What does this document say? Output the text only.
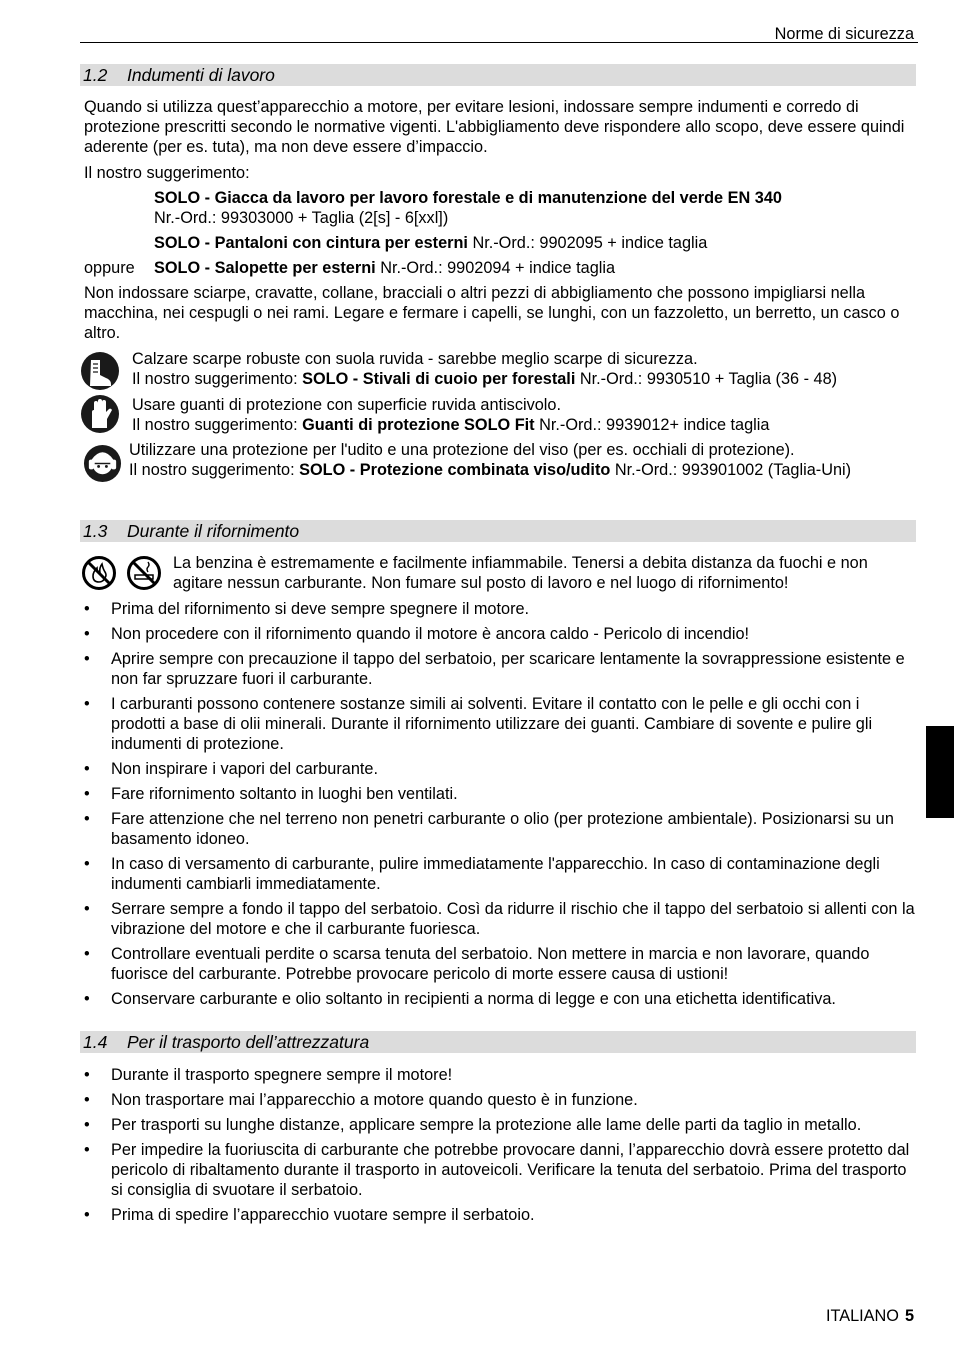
Norme di sicurezza
1.2 Indumenti di lavoro
Quando si utilizza quest’apparecchio a motore, per evitare lesioni, indossare sempre indumenti e corredo di protezione prescritti secondo le normative vigenti. L'abbigliamento deve rispondere allo scopo, deve essere quindi aderente (per es. tuta), ma non deve essere d’impaccio.
Il nostro suggerimento:
SOLO - Giacca da lavoro per lavoro forestale e di manutenzione del verde EN 340
Nr.-Ord.: 99303000 + Taglia (2[s] - 6[xxl])
SOLO - Pantaloni con cintura per esterni Nr.-Ord.: 9902095 + indice taglia
oppure	SOLO - Salopette per esterni Nr.-Ord.: 9902094 + indice taglia
Non indossare sciarpe, cravatte, collane, bracciali o altri pezzi di abbigliamento che possono impigliarsi nella macchina, nei cespugli o nei rami. Legare e fermare i capelli, se lunghi, con un fazzoletto, un berretto, un casco o altro.
Calzare scarpe robuste con suola ruvida - sarebbe meglio scarpe di sicurezza.
Il nostro suggerimento: SOLO - Stivali di cuoio per forestali Nr.-Ord.: 9930510 + Taglia (36 - 48)
Usare guanti di protezione con superficie ruvida antiscivolo.
Il nostro suggerimento: Guanti di protezione SOLO Fit Nr.-Ord.: 9939012+ indice taglia
Utilizzare una protezione per l'udito e una protezione del viso (per es. occhiali di protezione).
Il nostro suggerimento: SOLO - Protezione combinata viso/udito Nr.-Ord.: 993901002 (Taglia-Uni)
1.3 Durante il rifornimento
La benzina è estremamente e facilmente infiammabile. Tenersi a debita distanza da fuochi e non agitare nessun carburante. Non fumare sul posto di lavoro e nel luogo di rifornimento!
• Prima del rifornimento si deve sempre spegnere il motore.
• Non procedere con il rifornimento quando il motore è ancora caldo - Pericolo di incendio!
• Aprire sempre con precauzione il tappo del serbatoio, per scaricare lentamente la sovrappressione esistente e non far spruzzare fuori il carburante.
• I carburanti possono contenere sostanze simili ai solventi. Evitare il contatto con le pelle e gli occhi con i prodotti a base di olii minerali. Durante il rifornimento utilizzare dei guanti. Cambiare di sovente e pulire gli indumenti di protezione.
• Non inspirare i vapori del carburante.
• Fare rifornimento soltanto in luoghi ben ventilati.
• Fare attenzione che nel terreno non penetri carburante o olio (per protezione ambientale). Posizionarsi su un basamento idoneo.
• In caso di versamento di carburante, pulire immediatamente l'apparecchio. In caso di contaminazione degli indumenti cambiarli immediatamente.
• Serrare sempre a fondo il tappo del serbatoio. Così da ridurre il rischio che il tappo del serbatoio si allenti con la vibrazione del motore e che il carburante fuoriesca.
• Controllare eventuali perdite o scarsa tenuta del serbatoio. Non mettere in marcia e non lavorare, quando fuorisce del carburante. Potrebbe provocare pericolo di morte essere causa di ustioni!
• Conservare carburante e olio soltanto in recipienti a norma di legge e con una etichetta identificativa.
1.4 Per il trasporto dell’attrezzatura
• Durante il trasporto spegnere sempre il motore!
• Non trasportare mai l’apparecchio a motore quando questo è in funzione.
• Per trasporti su lunghe distanze, applicare sempre la protezione alle lame delle parti da taglio in metallo.
• Per impedire la fuoriuscita di carburante che potrebbe provocare danni, l’apparecchio dovrà essere protetto dal pericolo di ribaltamento durante il trasporto in autoveicoli. Verificare la tenuta del serbatoio. Prima del trasporto si consiglia di svuotare il serbatoio.
• Prima di spedire l’apparecchio vuotare sempre il serbatoio.
ITALIANO 5
